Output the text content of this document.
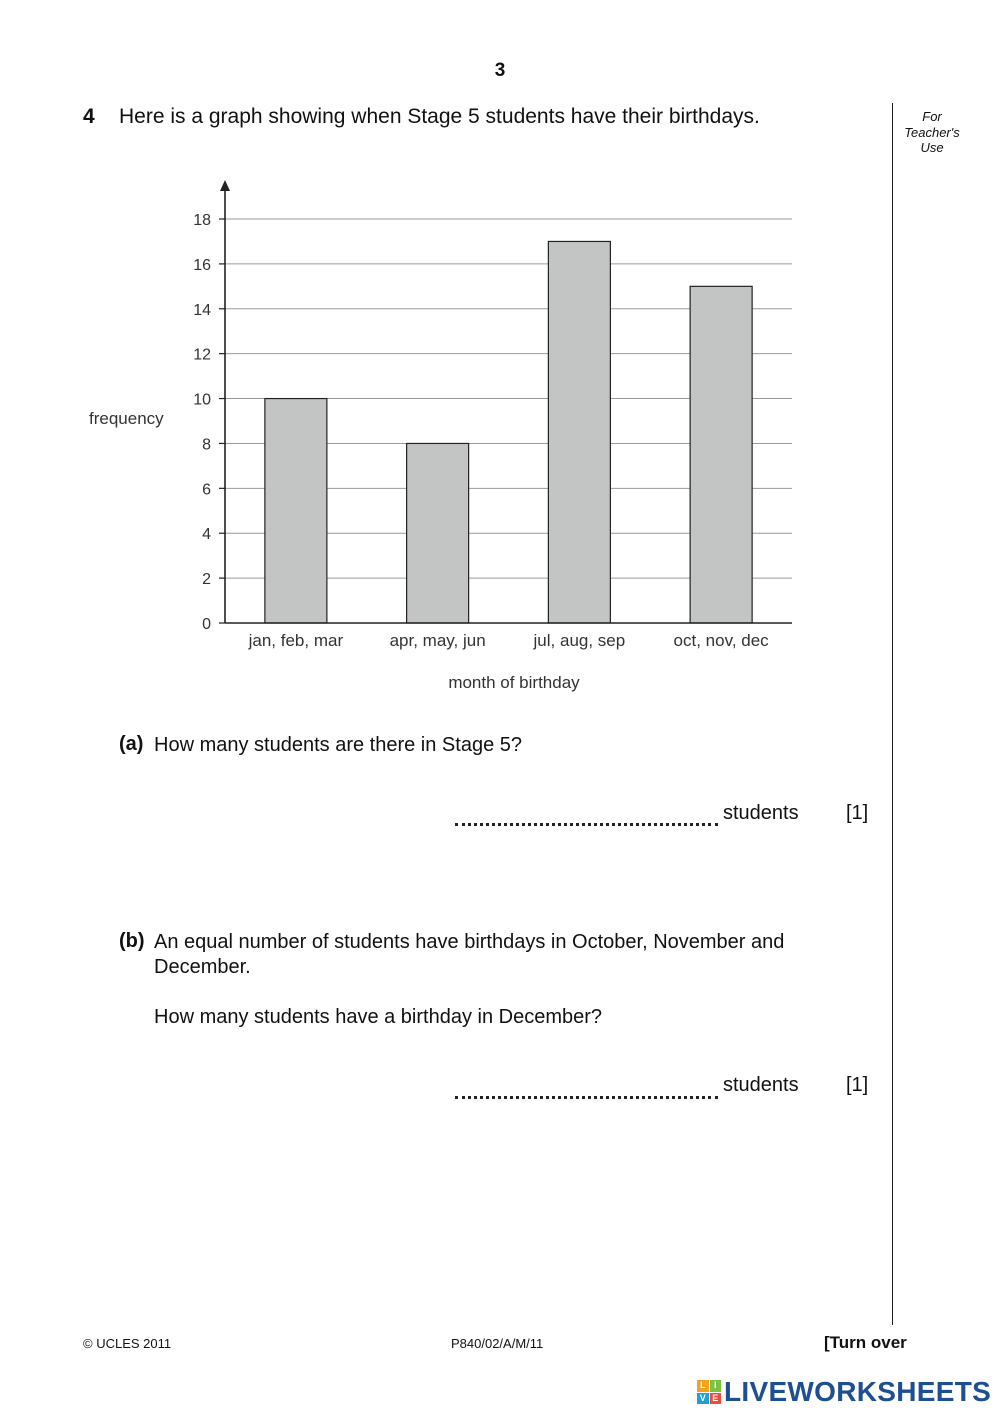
3
4 Here is a graph showing when Stage 5 students have their birthdays.	For
Teacher's
Use
0
2
4
6
8
10
12
14
16
18
jan, feb, mar	apr, may, jun	jul, aug, sep	oct, nov, dec
frequency
month of birthday
(a) How many students are there in Stage 5?
students [1]
(b) An equal number of students have birthdays in October, November and December.
How many students have a birthday in December?
students [1]
© UCLES 2011	P840/02/A/M/11	[Turn over
L I
V E LIVEWORKSHEETS
